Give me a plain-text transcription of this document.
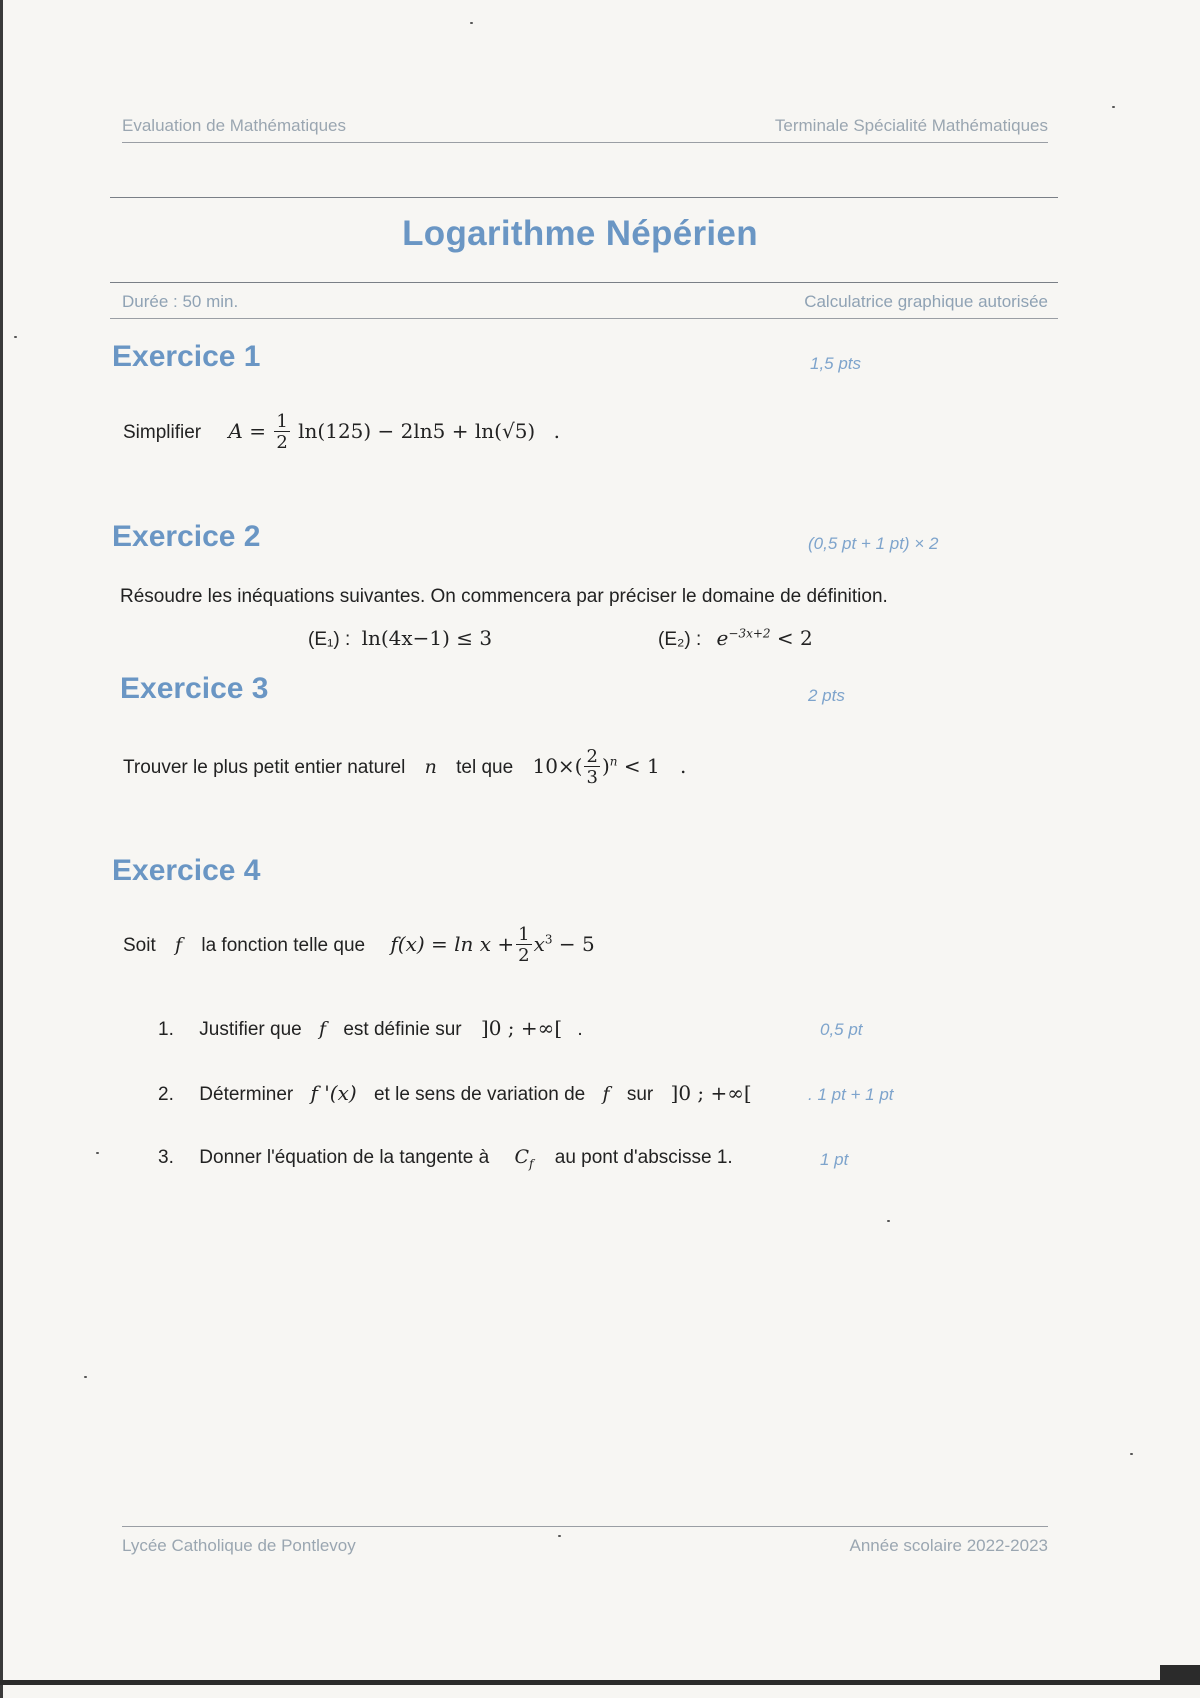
Evaluation de Mathématiques	Terminale Spécialité Mathématiques
Logarithme Népérien
Durée : 50 min.	Calculatrice graphique autorisée
Exercice 1	1,5 pts
Simplifier $A = \frac{1}{2} \ln(125) - 2\ln 5 + \ln(√5)$ .
Exercice 2	(0,5 pt + 1 pt) × 2
Résoudre les inéquations suivantes. On commencera par préciser le domaine de définition.
(E₁) : ln(4x−1) ≤ 3	(E₂) : $e^{-3x+2} < 2$
Exercice 3	2 pts
Trouver le plus petit entier naturel n tel que $10\times( \frac{2}{3} )^n < 1$ .
Exercice 4
Soit f la fonction telle que $f(x) = \ln x + \frac{1}{2} x^3 - 5$
1. Justifier que f est définie sur ]0 ; +∞[ .	0,5 pt
2. Déterminer f '(x) et le sens de variation de f sur ]0 ; +∞[	. 1 pt + 1 pt
3. Donner l'équation de la tangente à $C_f$ au pont d'abscisse 1.	1 pt
Lycée Catholique de Pontlevoy	Année scolaire 2022-2023
